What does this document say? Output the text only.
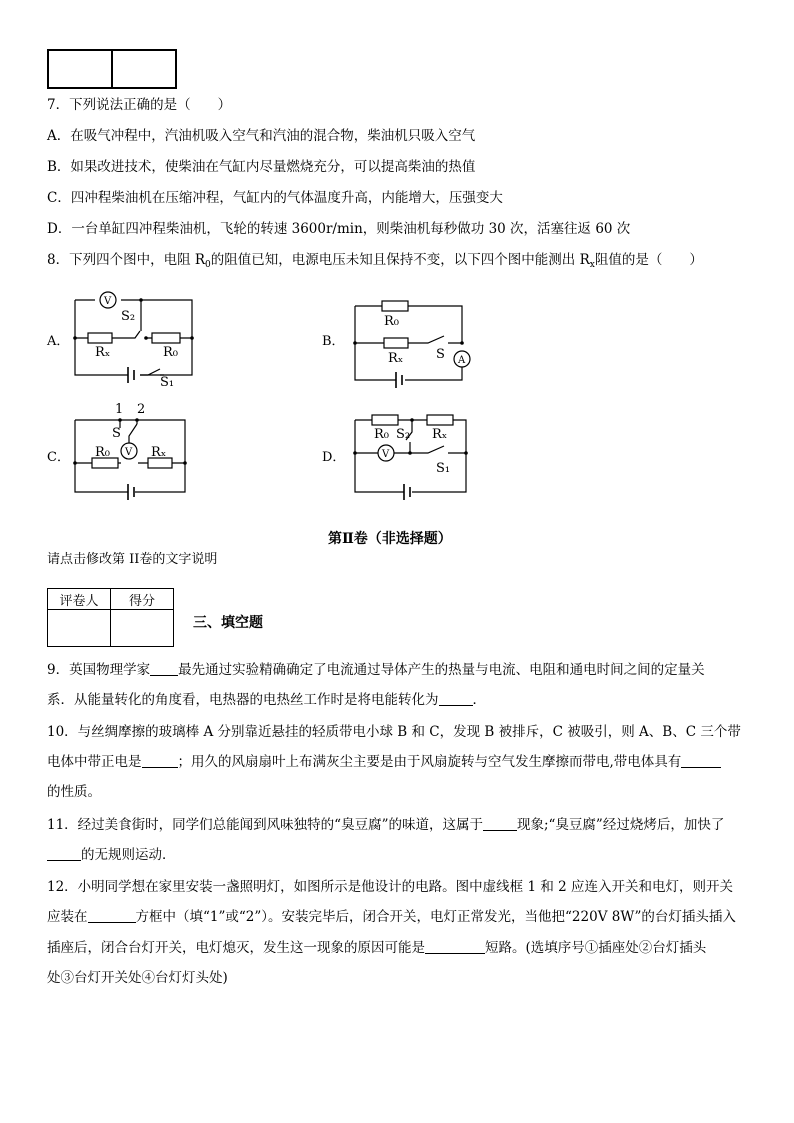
7．下列说法正确的是（　　）
A．在吸气冲程中，汽油机吸入空气和汽油的混合物，柴油机只吸入空气
B．如果改进技术，使柴油在气缸内尽量燃烧充分，可以提高柴油的热值
C．四冲程柴油机在压缩冲程，气缸内的气体温度升高，内能增大，压强变大
D．一台单缸四冲程柴油机，飞轮的转速 3600r/min，则柴油机每秒做功 30 次，活塞往返 60 次
8．下列四个图中，电阻 $R_0$的阻值已知，电源电压未知且保持不变，以下四个图中能测出 $R_x$阻值的是（　　）
A．	B．
C．	D．
V
S₂
Rₓ	R₀
S₁
R₀
Rₓ	S A
1 2
S
R₀ V Rₓ
R₀ S₂ Rₓ
V
S₁
第Ⅱ卷（非选择题）
请点击修改第 II卷的文字说明
评卷人	得分

三、填空题
9．英国物理学家 最先通过实验精确确定了电流通过导体产生的热量与电流、电阻和通电时间之间的定量关
系．从能量转化的角度看，电热器的电热丝工作时是将电能转化为	．
10．与丝绸摩擦的玻璃棒 A 分别靠近悬挂的轻质带电小球 B 和 C，发现 B 被排斥，C 被吸引，则 A、B、C 三个带
电体中带正电是	；用久的风扇扇叶上布满灰尘主要是由于风扇旋转与空气发生摩擦而带电,带电体具有
的性质。
11．经过美食街时，同学们总能闻到风味独特的“臭豆腐”的味道，这属于	现象;“臭豆腐”经过烧烤后，加快了
的无规则运动．
12．小明同学想在家里安装一盏照明灯，如图所示是他设计的电路。图中虚线框 1 和 2 应连入开关和电灯，则开关
应装在	方框中（填“1”或“2”）。安装完毕后，闭合开关，电灯正常发光，当他把“220V 8W”的台灯插头插入
插座后，闭合台灯开关，电灯熄灭，发生这一现象的原因可能是	短路。(选填序号①插座处②台灯插头
处③台灯开关处④台灯灯头处)
